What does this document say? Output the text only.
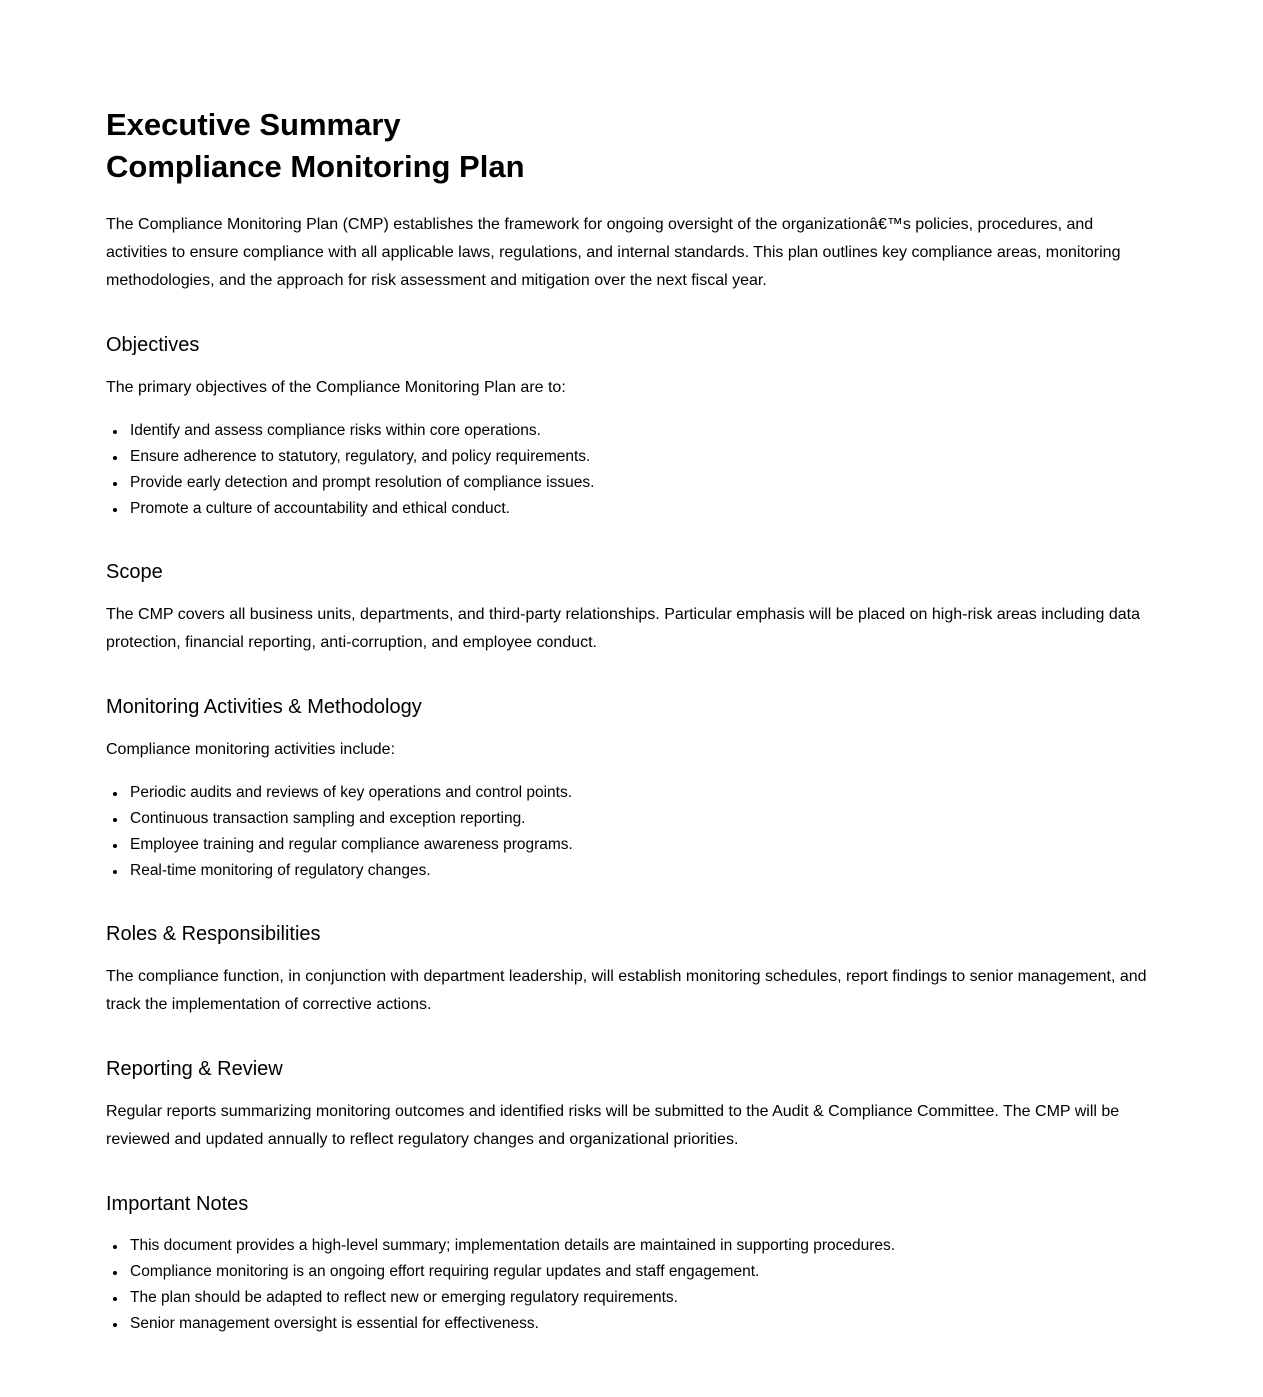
Executive Summary
Compliance Monitoring Plan

The Compliance Monitoring Plan (CMP) establishes the framework for ongoing oversight of the organizationâ€™s policies, procedures, and activities to ensure compliance with all applicable laws, regulations, and internal standards. This plan outlines key compliance areas, monitoring methodologies, and the approach for risk assessment and mitigation over the next fiscal year.

Objectives

The primary objectives of the Compliance Monitoring Plan are to:

• Identify and assess compliance risks within core operations.
• Ensure adherence to statutory, regulatory, and policy requirements.
• Provide early detection and prompt resolution of compliance issues.
• Promote a culture of accountability and ethical conduct.
Scope

The CMP covers all business units, departments, and third-party relationships. Particular emphasis will be placed on high-risk areas including data protection, financial reporting, anti-corruption, and employee conduct.

Monitoring Activities & Methodology

Compliance monitoring activities include:

• Periodic audits and reviews of key operations and control points.
• Continuous transaction sampling and exception reporting.
• Employee training and regular compliance awareness programs.
• Real-time monitoring of regulatory changes.
Roles & Responsibilities

The compliance function, in conjunction with department leadership, will establish monitoring schedules, report findings to senior management, and track the implementation of corrective actions.

Reporting & Review

Regular reports summarizing monitoring outcomes and identified risks will be submitted to the Audit & Compliance Committee. The CMP will be reviewed and updated annually to reflect regulatory changes and organizational priorities.

Important Notes
• This document provides a high-level summary; implementation details are maintained in supporting procedures.
• Compliance monitoring is an ongoing effort requiring regular updates and staff engagement.
• The plan should be adapted to reflect new or emerging regulatory requirements.
• Senior management oversight is essential for effectiveness.
